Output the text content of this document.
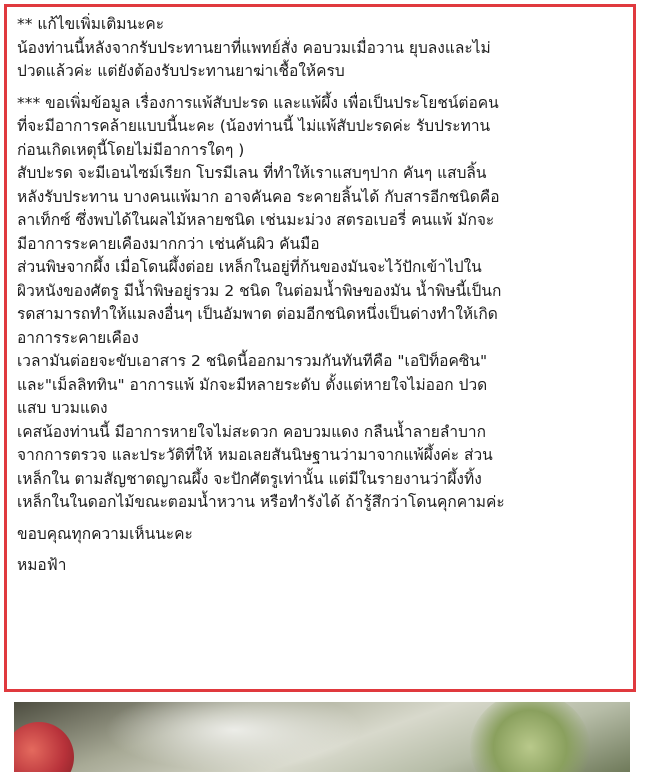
** แก้ไขเพิ่มเติมนะคะ
น้องท่านนี้หลังจากรับประทานยาที่แพทย์สั่ง คอบวมเมื่อวาน ยุบลงและไม่
ปวดแล้วค่ะ แต่ยังต้องรับประทานยาฆ่าเชื้อให้ครบ

*** ขอเพิ่มข้อมูล เรื่องการแพ้สับปะรด และแพ้ผึ้ง เพื่อเป็นประโยชน์ต่อคน
ที่จะมีอาการคล้ายแบบนี้นะคะ (น้องท่านนี้ ไม่แพ้สับปะรดค่ะ รับประทาน
ก่อนเกิดเหตุนี้โดยไม่มีอาการใดๆ )
สับปะรด จะมีเอนไซม์เรียก โบรมีเลน ที่ทำให้เราแสบๆปาก คันๆ แสบลิ้น
หลังรับประทาน บางคนแพ้มาก อาจคันคอ ระคายลิ้นได้ กับสารอีกชนิดคือ
ลาเท็กซ์ ซึ่งพบได้ในผลไม้หลายชนิด เช่นมะม่วง สตรอเบอรี่ คนแพ้ มักจะ
มีอาการระคายเคืองมากกว่า เช่นคันผิว คันมือ
ส่วนพิษจากผึ้ง เมื่อโดนผึ้งต่อย เหล็กในอยู่ที่ก้นของมันจะไว้ปักเข้าไปใน
ผิวหนังของศัตรู มีน้ำพิษอยู่รวม 2 ชนิด ในต่อมน้ำพิษของมัน น้ำพิษนี้เป็นก
รดสามารถทำให้แมลงอื่นๆ เป็นอัมพาต ต่อมอีกชนิดหนึ่งเป็นด่างทำให้เกิด
อาการระคายเคือง
เวลามันต่อยจะขับเอาสาร 2 ชนิดนี้ออกมารวมกันทันทีคือ "เอปิท็อคซิน"
และ"เม็ลลิททิน" อาการแพ้ มักจะมีหลายระดับ ตั้งแต่หายใจไม่ออก ปวด
แสบ บวมแดง
เคสน้องท่านนี้ มีอาการหายใจไม่สะดวก คอบวมแดง กลืนน้ำลายลำบาก
จากการตรวจ และประวัติที่ให้ หมอเลยสันนิษฐานว่ามาจากแพ้ผึ้งค่ะ ส่วน
เหล็กใน ตามสัญชาตญาณผึ้ง จะปักศัตรูเท่านั้น แต่มีในรายงานว่าผึ้งทิ้ง
เหล็กในในดอกไม้ขณะตอมน้ำหวาน หรือทำรังได้ ถ้ารู้สึกว่าโดนคุกคามค่ะ

ขอบคุณทุกความเห็นนะคะ

หมอฟ้า
